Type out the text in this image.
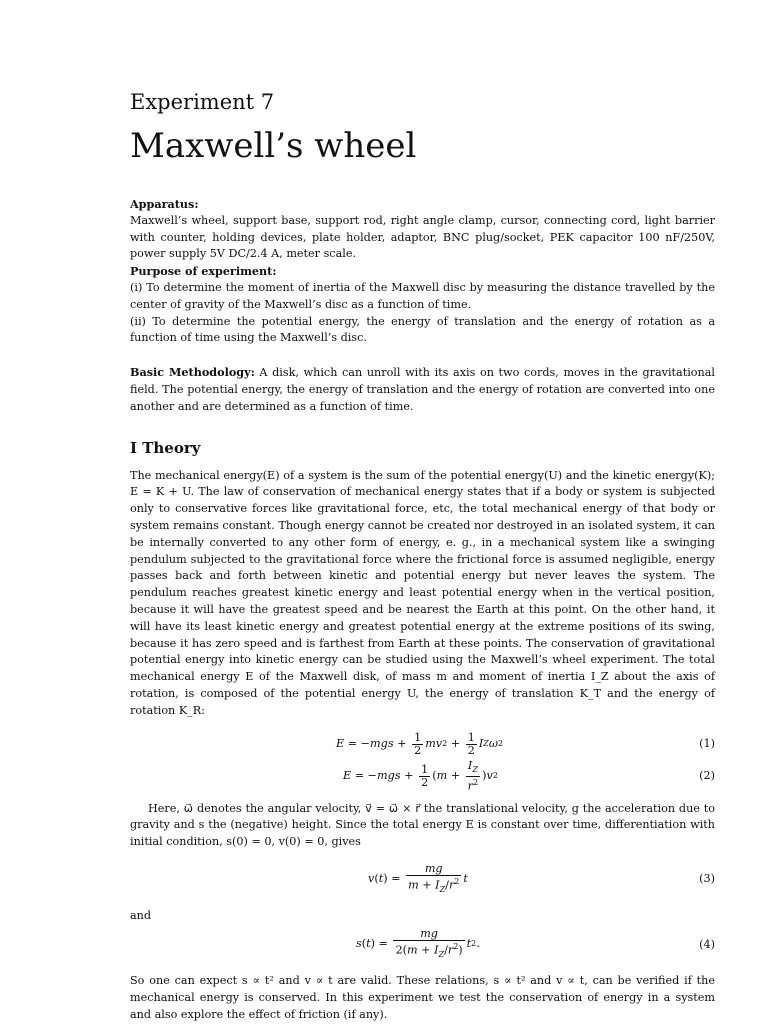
Experiment 7
Maxwell’s wheel

Apparatus:

Maxwell’s wheel, support base, support rod, right angle clamp, cursor, connecting cord, light barrier with counter, holding devices, plate holder, adaptor, BNC plug/socket, PEK capacitor 100 nF/250V, power supply 5V DC/2.4 A, meter scale.

Purpose of experiment:

(i) To determine the moment of inertia of the Maxwell disc by measuring the distance travelled by the center of gravity of the Maxwell’s disc as a function of time.

(ii) To determine the potential energy, the energy of translation and the energy of rotation as a function of time using the Maxwell’s disc.

Basic Methodology: A disk, which can unroll with its axis on two cords, moves in the gravitational field. The potential energy, the energy of translation and the energy of rotation are converted into one another and are determined as a function of time.

I Theory

The mechanical energy(E) of a system is the sum of the potential energy(U) and the kinetic energy(K); E = K + U. The law of conservation of mechanical energy states that if a body or system is subjected only to conservative forces like gravitational force, etc, the total mechanical energy of that body or system remains constant. Though energy cannot be created nor destroyed in an isolated system, it can be internally converted to any other form of energy, e. g., in a mechanical system like a swinging pendulum subjected to the gravitational force where the frictional force is assumed negligible, energy passes back and forth between kinetic and potential energy but never leaves the system. The pendulum reaches greatest kinetic energy and least potential energy when in the vertical position, because it will have the greatest speed and be nearest the Earth at this point. On the other hand, it will have its least kinetic energy and greatest potential energy at the extreme positions of its swing, because it has zero speed and is farthest from Earth at these points. The conservation of gravitational potential energy into kinetic energy can be studied using the Maxwell’s wheel experiment. The total mechanical energy E of the Maxwell disk, of mass m and moment of inertia I_Z about the axis of rotation, is composed of the potential energy U, the energy of translation K_T and the energy of rotation K_R:

E = − mgs + $\frac{1}{2}$ mv $2 + \frac{1}{2}$ I Z ω 2	(1)
E = − mgs + $\frac{1}{2}$ ( $m + \frac{I_Z}{r^2}$ ) v 2	(2)

Here, ω⃗ denotes the angular velocity, v⃗ = ω⃗ × r⃗ the translational velocity, g the acceleration due to gravity and s the (negative) height. Since the total energy E is constant over time, differentiation with initial condition, s(0) = 0, v(0) = 0, gives

v ( t ) = $\frac{mg}{m + I_Z/r^2}$ t	(3)

and

s ( t ) = $\frac{mg}{2(m + I_Z/r^2)}$ t 2 .	(4)

So one can expect s ∝ t² and v ∝ t are valid. These relations, s ∝ t² and v ∝ t, can be verified if the mechanical energy is conserved. In this experiment we test the conservation of energy in a system and also explore the effect of friction (if any).
